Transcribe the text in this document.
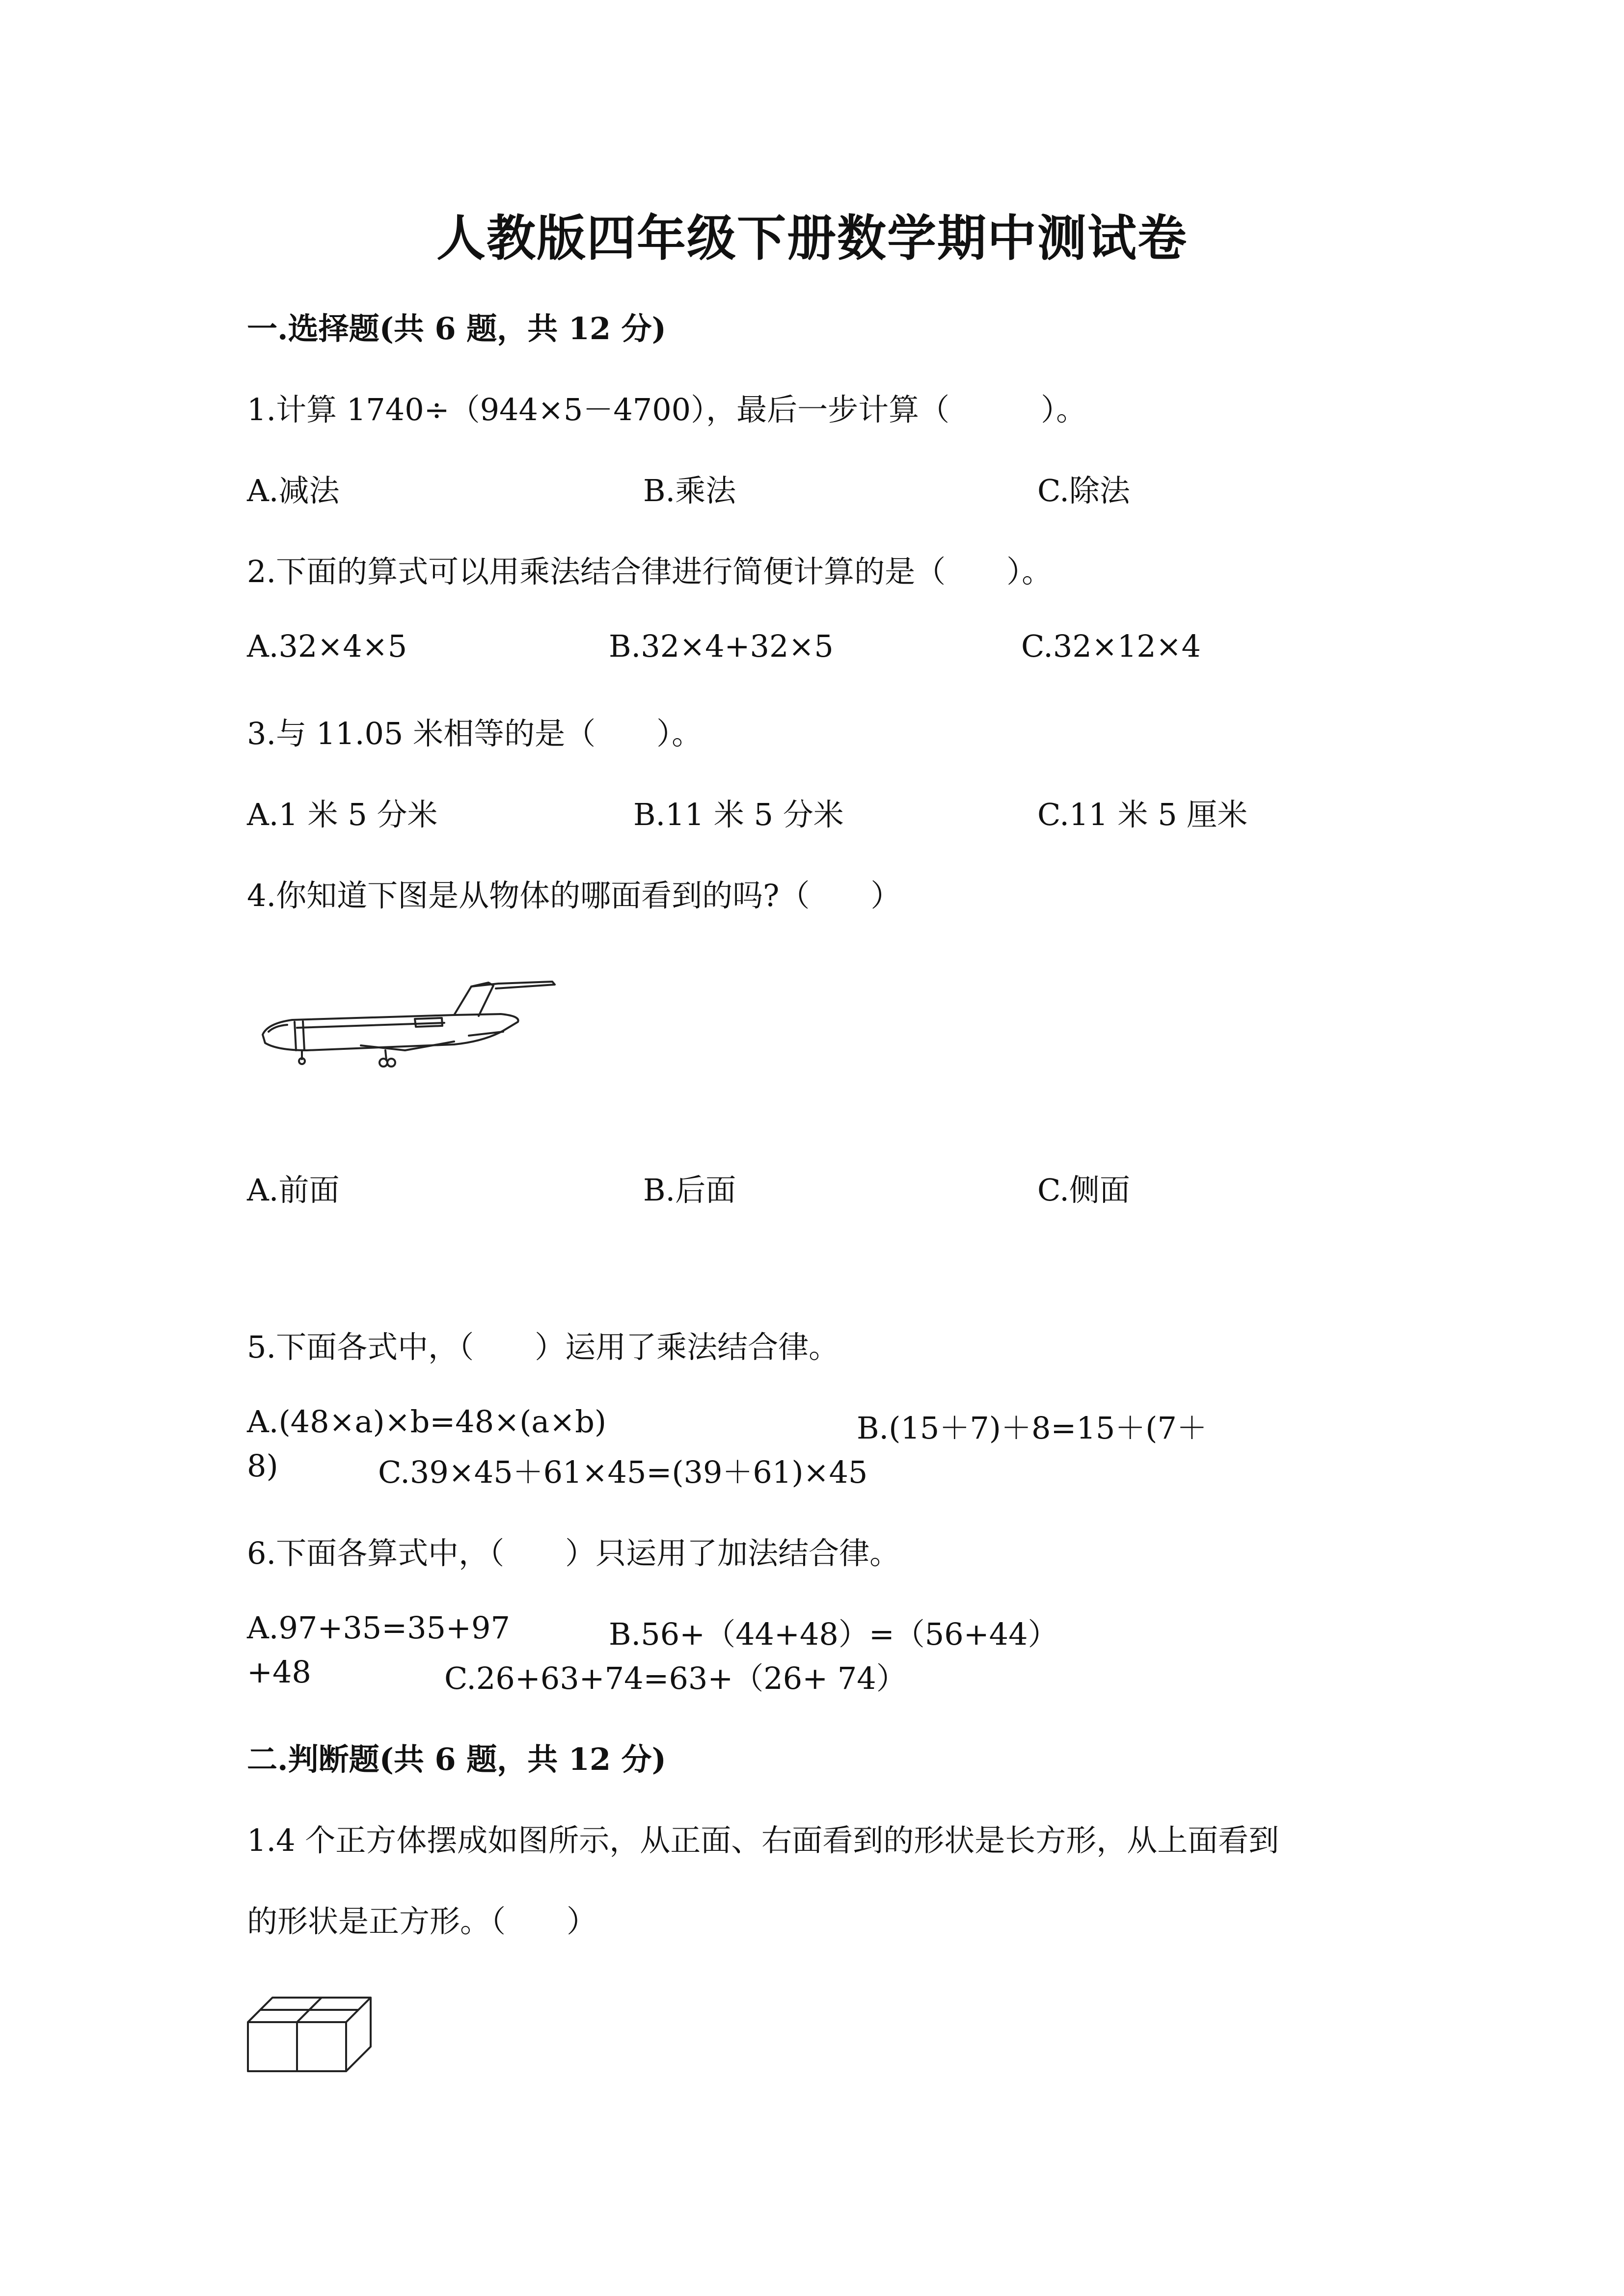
人教版四年级下册数学期中测试卷
一.选择题(共 6 题，共 12 分)
1.计算 1740÷（944×5－4700），最后一步计算（　　　）。
A.减法	B.乘法	C.除法
2.下面的算式可以用乘法结合律进行简便计算的是（　　）。
A.32×4×5	B.32×4+32×5	C.32×12×4
3.与 11.05 米相等的是（　　）。
A.1 米 5 分米	B.11 米 5 分米	C.11 米 5 厘米
4.你知道下图是从物体的哪面看到的吗?（　　）
A.前面	B.后面	C.侧面
5.下面各式中，（　　）运用了乘法结合律。
A.(48×a)×b=48×(a×b)	B.(15＋7)＋8=15＋(7＋
8)	C.39×45＋61×45=(39＋61)×45
6.下面各算式中，（　　）只运用了加法结合律。
A.97+35=35+97	B.56+（44+48）=（56+44）
+48	C.26+63+74=63+（26+ 74）
二.判断题(共 6 题，共 12 分)
1.4 个正方体摆成如图所示，从正面、右面看到的形状是长方形，从上面看到
的形状是正方形。（　　）
